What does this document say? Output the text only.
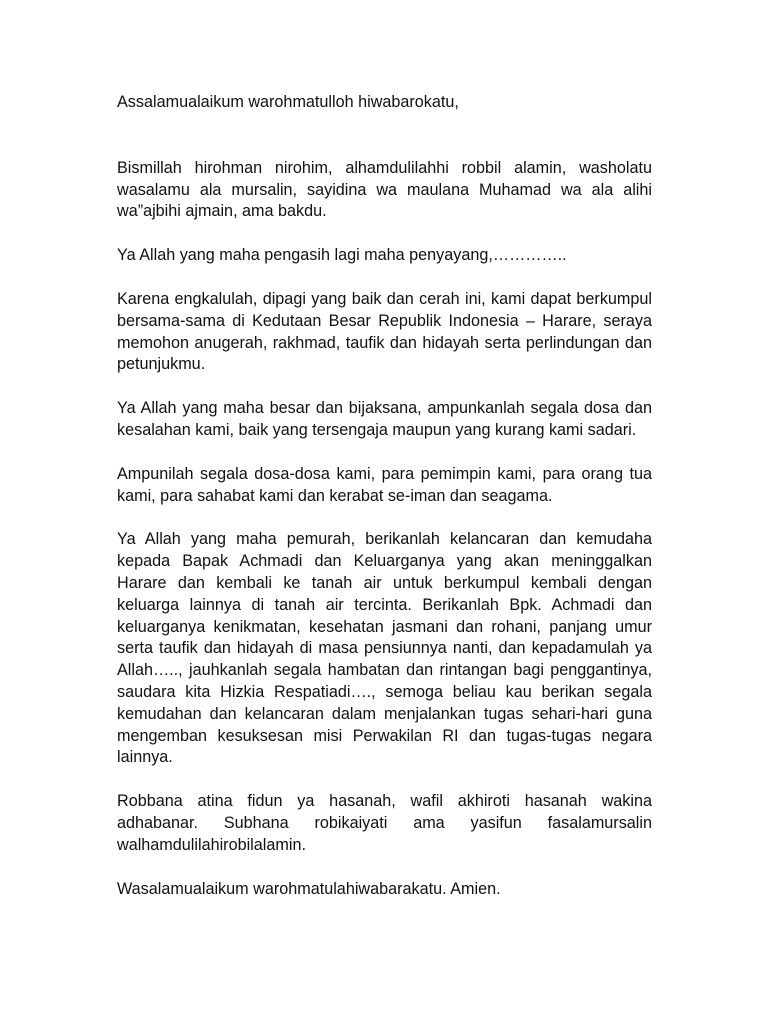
Assalamualaikum warohmatulloh hiwabarokatu,

Bismillah hirohman nirohim, alhamdulilahhi robbil alamin, washolatu wasalamu ala mursalin, sayidina wa maulana Muhamad wa ala alihi wa”ajbihi ajmain, ama bakdu.

Ya Allah yang maha pengasih lagi maha penyayang,…………..

Karena engkalulah, dipagi yang baik dan cerah ini, kami dapat berkumpul bersama-sama di Kedutaan Besar Republik Indonesia – Harare, seraya memohon anugerah, rakhmad, taufik dan hidayah serta perlindungan dan petunjukmu.

Ya Allah yang maha besar dan bijaksana, ampunkanlah segala dosa dan kesalahan kami, baik yang tersengaja maupun yang kurang kami sadari.

Ampunilah segala dosa-dosa kami, para pemimpin kami, para orang tua kami, para sahabat kami dan kerabat se-iman dan seagama.

Ya Allah yang maha pemurah, berikanlah kelancaran dan kemudaha kepada Bapak Achmadi dan Keluarganya yang akan meninggalkan Harare dan kembali ke tanah air untuk berkumpul kembali dengan keluarga lainnya di tanah air tercinta. Berikanlah Bpk. Achmadi dan keluarganya kenikmatan, kesehatan jasmani dan rohani, panjang umur serta taufik dan hidayah di masa pensiunnya nanti, dan kepadamulah ya Allah….., jauhkanlah segala hambatan dan rintangan bagi penggantinya, saudara kita Hizkia Respatiadi…., semoga beliau kau berikan segala kemudahan dan kelancaran dalam menjalankan tugas sehari-hari guna mengemban kesuksesan misi Perwakilan RI dan tugas-tugas negara lainnya.

Robbana atina fidun ya hasanah, wafil akhiroti hasanah wakina adhabanar. Subhana robikaiyati ama yasifun fasalamursalin walhamdulilahirobilalamin.

Wasalamualaikum warohmatulahiwabarakatu. Amien.
